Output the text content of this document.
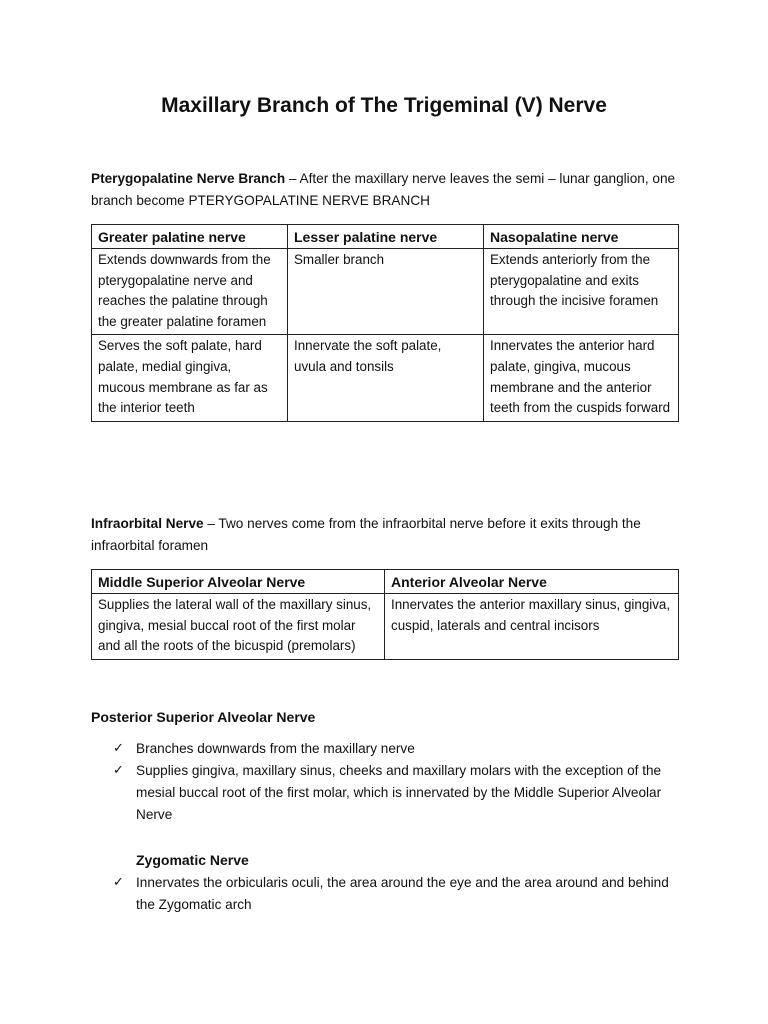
Maxillary Branch of The Trigeminal (V) Nerve
Pterygopalatine Nerve Branch – After the maxillary nerve leaves the semi – lunar ganglion, one branch become PTERYGOPALATINE NERVE BRANCH
Greater palatine nerve	Lesser palatine nerve	Nasopalatine nerve
Extends downwards from the pterygopalatine nerve and reaches the palatine through the greater palatine foramen	Smaller branch	Extends anteriorly from the pterygopalatine and exits through the incisive foramen
Serves the soft palate, hard palate, medial gingiva, mucous membrane as far as the interior teeth	Innervate the soft palate, uvula and tonsils	Innervates the anterior hard palate, gingiva, mucous membrane and the anterior teeth from the cuspids forward
Infraorbital Nerve – Two nerves come from the infraorbital nerve before it exits through the infraorbital foramen
Middle Superior Alveolar Nerve	Anterior Alveolar Nerve
Supplies the lateral wall of the maxillary sinus, gingiva, mesial buccal root of the first molar and all the roots of the bicuspid (premolars)	Innervates the anterior maxillary sinus, gingiva, cuspid, laterals and central incisors
Posterior Superior Alveolar Nerve
✓ Branches downwards from the maxillary nerve
✓ Supplies gingiva, maxillary sinus, cheeks and maxillary molars with the exception of the mesial buccal root of the first molar, which is innervated by the Middle Superior Alveolar Nerve
Zygomatic Nerve
✓ Innervates the orbicularis oculi, the area around the eye and the area around and behind the Zygomatic arch
